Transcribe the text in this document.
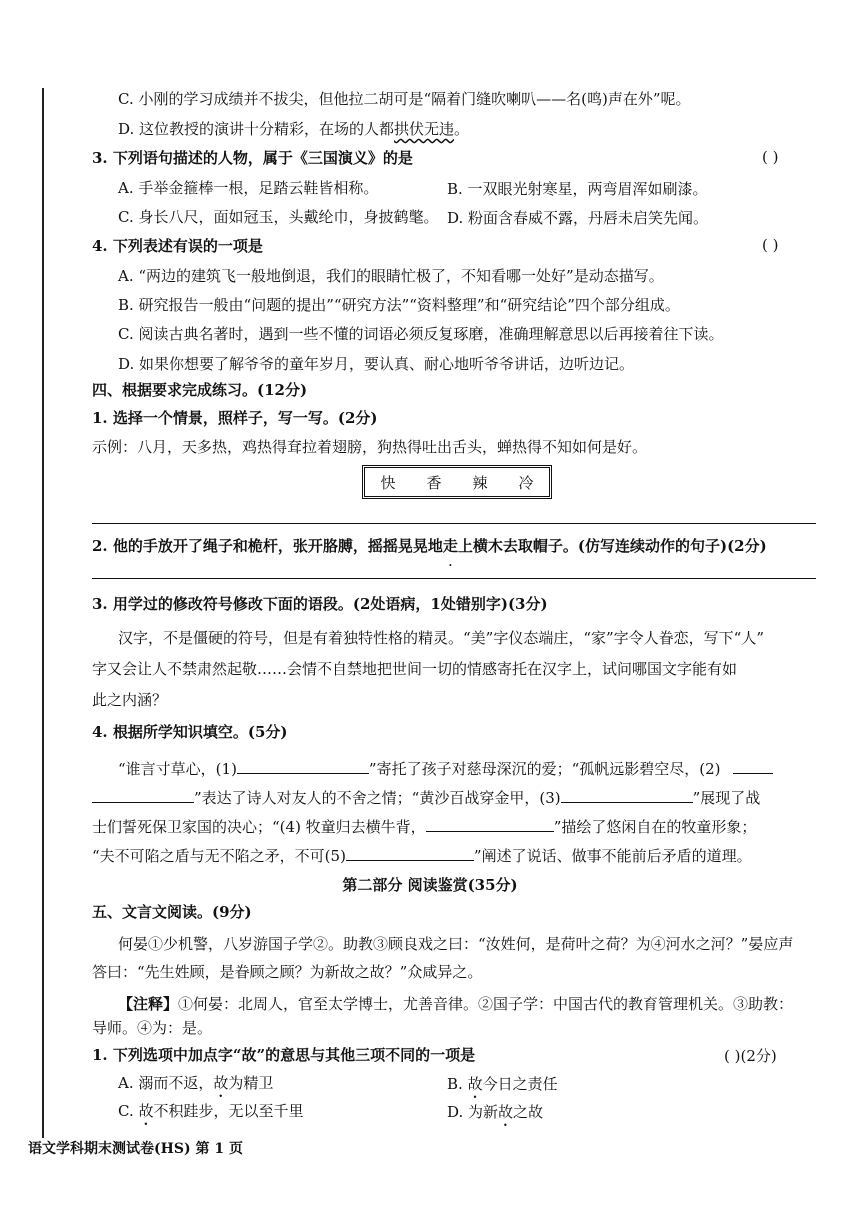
C. 小刚的学习成绩并不拔尖，但他拉二胡可是“隔着门缝吹喇叭——名(鸣)声在外”呢。
D. 这位教授的演讲十分精彩，在场的人都拱伏无违。
3. 下列语句描述的人物，属于《三国演义》的是	( )
A. 手举金箍棒一根，足踏云鞋皆相称。	B. 一双眼光射寒星，两弯眉浑如刷漆。
C. 身长八尺，面如冠玉，头戴纶巾，身披鹤氅。 D. 粉面含春威不露，丹唇未启笑先闻。
4. 下列表述有误的一项是	( )
A. “两边的建筑飞一般地倒退，我们的眼睛忙极了，不知看哪一处好”是动态描写。
B. 研究报告一般由“问题的提出”“研究方法”“资料整理”和“研究结论”四个部分组成。
C. 阅读古典名著时，遇到一些不懂的词语必须反复琢磨，准确理解意思以后再接着往下读。
D. 如果你想要了解爷爷的童年岁月，要认真、耐心地听爷爷讲话，边听边记。
四、根据要求完成练习。(12分)
1. 选择一个情景，照样子，写一写。(2分)
示例：八月，天多热，鸡热得耷拉着翅膀，狗热得吐出舌头，蝉热得不知如何是好。
快 香 辣 冷
2. 他的手放开了绳子和桅杆，张开胳膊，摇摇晃晃地走上横木去取帽子。(仿写连续动作的句子)(2分)
·
3. 用学过的修改符号修改下面的语段。(2处语病，1处错别字)(3分)
汉字，不是僵硬的符号，但是有着独特性格的精灵。“美”字仪态端庄，“家”字令人眷恋，写下“人”
字又会让人不禁肃然起敬……会情不自禁地把世间一切的情感寄托在汉字上，试问哪国文字能有如
此之内涵？
4. 根据所学知识填空。(5分)
“谁言寸草心，(1)	”寄托了孩子对慈母深沉的爱；“孤帆远影碧空尽，(2)
”表达了诗人对友人的不舍之情；“黄沙百战穿金甲，(3)	”展现了战
士们誓死保卫家国的决心；“(4) 牧童归去横牛背，	”描绘了悠闲自在的牧童形象；
“夫不可陷之盾与无不陷之矛，不可(5)	”阐述了说话、做事不能前后矛盾的道理。
第二部分 阅读鉴赏(35分)
五、文言文阅读。(9分)
何晏①少机警，八岁游国子学②。助教③顾良戏之曰：“汝姓何，是荷叶之荷？为④河水之河？”晏应声
答曰：“先生姓顾，是眷顾之顾？为新故之故？”众咸异之。
【注释】①何晏：北周人，官至太学博士，尤善音律。②国子学：中国古代的教育管理机关。③助教：
导师。④为：是。
1. 下列选项中加点字“故”的意思与其他三项不同的一项是	( )(2分)
A. 溺而不返，故为精卫	B. 故今日之责任
C. 故不积跬步，无以至千里	D. 为新故之故
语文学科期末测试卷(HS) 第 1 页
